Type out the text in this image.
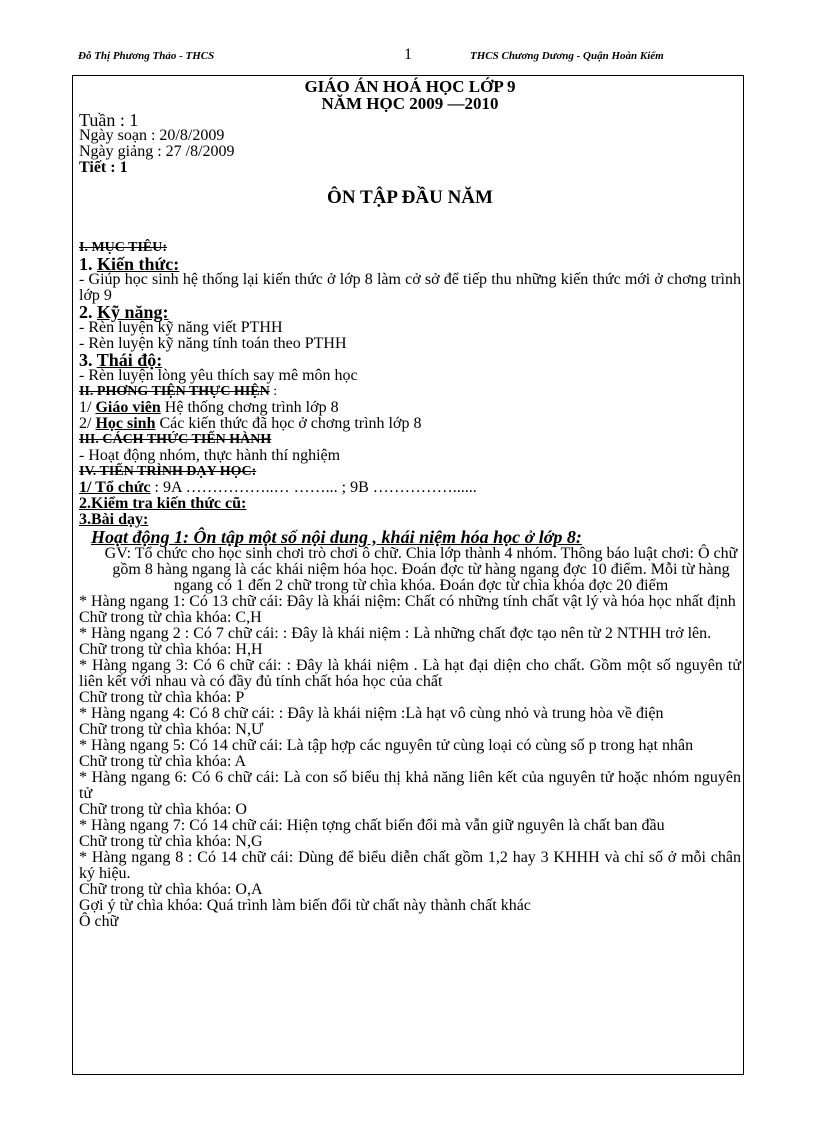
Đỗ Thị Phương Thảo - THCS	1	THCS Chương Dương - Quận Hoàn Kiếm

GIÁO ÁN HOÁ HỌC LỚP 9

NĂM HỌC 2009 —2010

Tuần : 1

Ngày soạn : 20/8/2009

Ngày giảng : 27 /8/2009

Tiết : 1

ÔN TẬP ĐẦU NĂM

I. MỤC TIÊU:

1. Kiến thức:

- Giúp học sinh hệ thống lại kiến thức ở lớp 8 làm cở sở để tiếp thu những kiến thức mới ở chơng trình lớp 9

2. Kỹ năng:

- Rèn luyện kỹ năng viết PTHH

- Rèn luyện kỹ năng tính toán theo PTHH

3. Thái độ:

- Rèn luyện lòng yêu thích say mê môn học

II. PHƠNG TIỆN THỰC HIỆN :

1/ Giáo viên Hệ thống chơng trình lớp 8

2/ Học sinh Các kiến thức đã học ở chơng trình lớp 8

III. CÁCH THỨC TIẾN HÀNH

- Hoạt động nhóm, thực hành thí nghiệm

IV. TIẾN TRÌNH DẠY HỌC:

1/ Tổ chức : 9A ……………..… ……... ; 9B ……………......

2.Kiểm tra kiến thức cũ:

3.Bài dạy:

Hoạt động 1: Ôn tập một số nội dung , khái niệm hóa học ở lớp 8:

GV: Tổ chức cho học sinh chơi trò chơi ô chữ. Chia lớp thành 4 nhóm. Thông báo luật chơi: Ô chữ gồm 8 hàng ngang là các khái niệm hóa học. Đoán đợc từ hàng ngang đợc 10 điểm. Mỗi từ hàng ngang có 1 đến 2 chữ trong từ chìa khóa. Đoán đợc từ chìa khóa đợc 20 điểm

* Hàng ngang 1: Có 13 chữ cái: Đây là khái niệm: Chất có những tính chất vật lý và hóa học nhất định

Chữ trong từ chìa khóa: C,H

* Hàng ngang 2 : Có 7 chữ cái: : Đây là khái niệm : Là những chất đợc tạo nên từ 2 NTHH trở lên.

Chữ trong từ chìa khóa: H,H

* Hàng ngang 3: Có 6 chữ cái: : Đây là khái niệm . Là hạt đại diện cho chất. Gồm một số nguyên tử liên kết với nhau và có đầy đủ tính chất hóa học của chất

Chữ trong từ chìa khóa: P

* Hàng ngang 4: Có 8 chữ cái: : Đây là khái niệm :Là hạt vô cùng nhỏ và trung hòa về điện

Chữ trong từ chìa khóa: N,Ư

* Hàng ngang 5: Có 14 chữ cái: Là tập hợp các nguyên tử cùng loại có cùng số p trong hạt nhân

Chữ trong từ chìa khóa: A

* Hàng ngang 6: Có 6 chữ cái: Là con số biểu thị khả năng liên kết của nguyên tử hoặc nhóm nguyên tử

Chữ trong từ chìa khóa: O

* Hàng ngang 7: Có 14 chữ cái: Hiện tợng chất biến đổi mà vẫn giữ nguyên là chất ban đầu

Chữ trong từ chìa khóa: N,G

* Hàng ngang 8 : Có 14 chữ cái: Dùng để biểu diễn chất gồm 1,2 hay 3 KHHH và chỉ số ở mỗi chân ký hiệu.

Chữ trong từ chìa khóa: O,A

Gợi ý từ chìa khóa: Quá trình làm biến đổi từ chất này thành chất khác

Ô chữ
